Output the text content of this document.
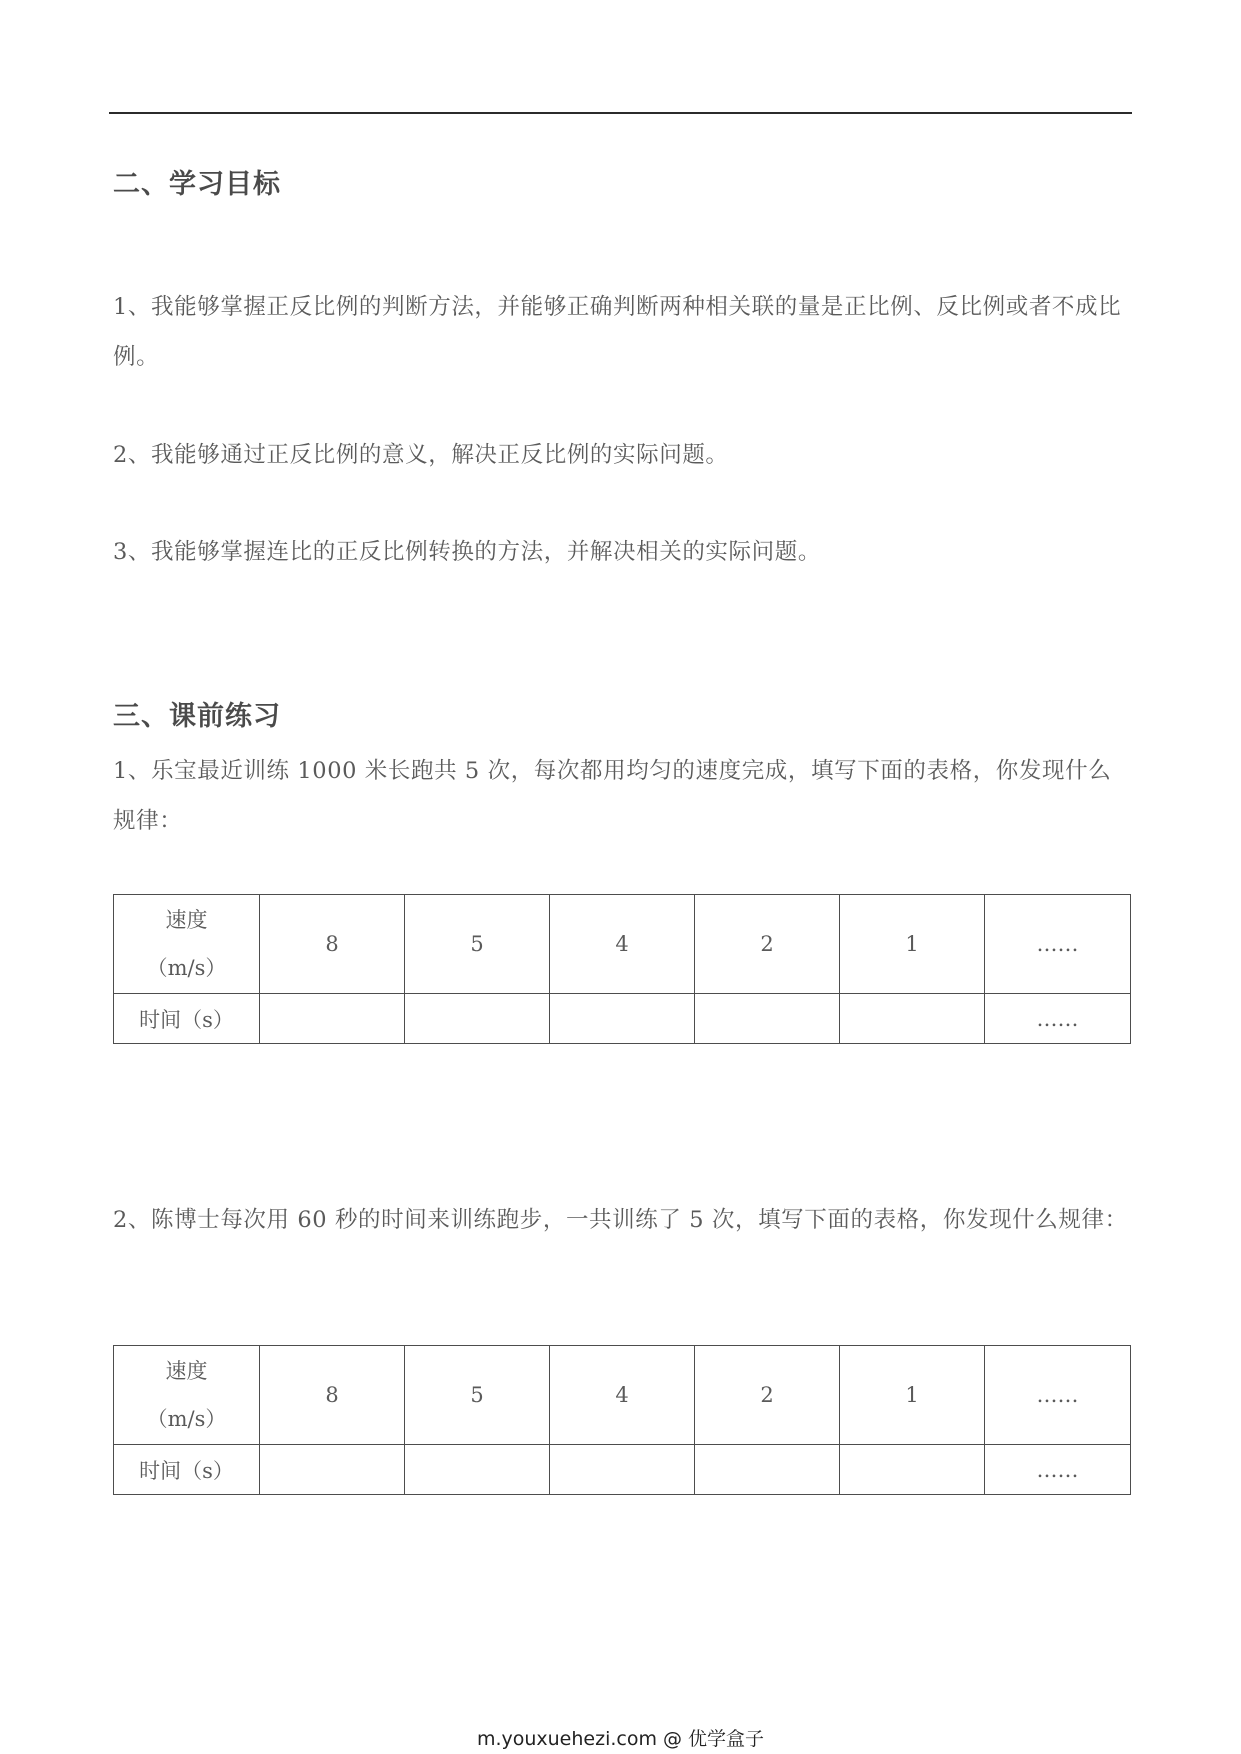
二、学习目标
1、我能够掌握正反比例的判断方法，并能够正确判断两种相关联的量是正比例、反比例或者不成比例。
2、我能够通过正反比例的意义，解决正反比例的实际问题。
3、我能够掌握连比的正反比例转换的方法，并解决相关的实际问题。
三、课前练习
1、乐宝最近训练 1000 米长跑共 5 次，每次都用均匀的速度完成，填写下面的表格，你发现什么规律：
速度
（m/s）	8	5	4	2	1	……
时间（s）						……
2、陈博士每次用 60 秒的时间来训练跑步，一共训练了 5 次，填写下面的表格，你发现什么规律：
速度
（m/s）	8	5	4	2	1	……
时间（s）						……
m.youxuehezi.com @ 优学盒子
